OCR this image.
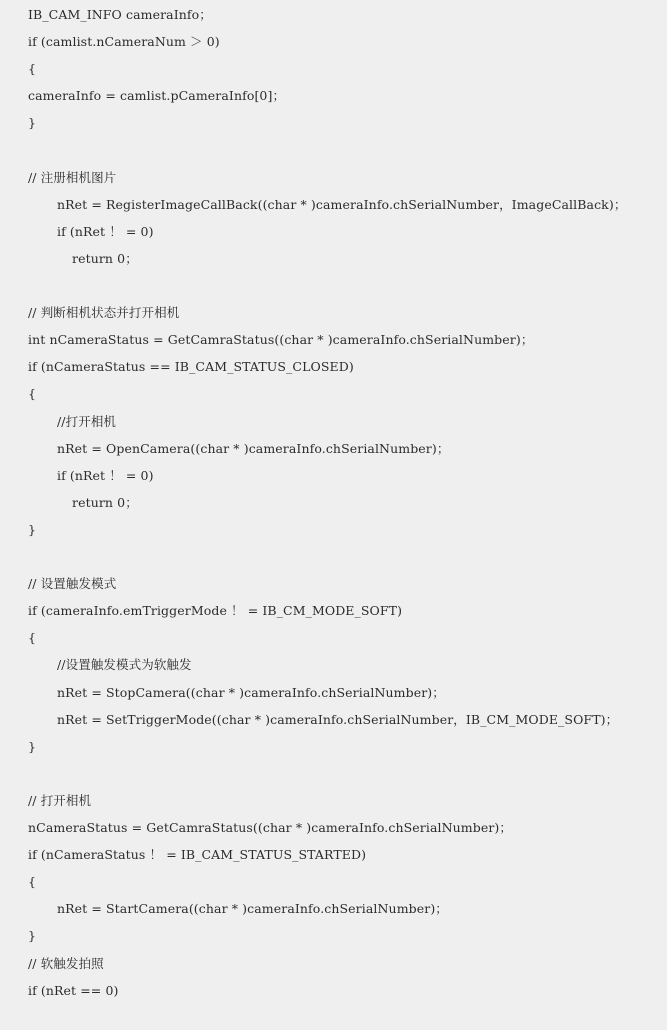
IB_CAM_INFO cameraInfo；
if (camlist.nCameraNum ＞ 0)
{
cameraInfo = camlist.pCameraInfo[0]；
}
// 注册相机图片
nRet = RegisterImageCallBack((char * )cameraInfo.chSerialNumber，ImageCallBack)；
if (nRet ！ = 0)
return 0；
// 判断相机状态并打开相机
int nCameraStatus = GetCamraStatus((char * )cameraInfo.chSerialNumber)；
if (nCameraStatus == IB_CAM_STATUS_CLOSED)
{
//打开相机
nRet = OpenCamera((char * )cameraInfo.chSerialNumber)；
if (nRet ！ = 0)
return 0；
}
// 设置触发模式
if (cameraInfo.emTriggerMode ！ = IB_CM_MODE_SOFT)
{
//设置触发模式为软触发
nRet = StopCamera((char * )cameraInfo.chSerialNumber)；
nRet = SetTriggerMode((char * )cameraInfo.chSerialNumber，IB_CM_MODE_SOFT)；
}
// 打开相机
nCameraStatus = GetCamraStatus((char * )cameraInfo.chSerialNumber)；
if (nCameraStatus ！ = IB_CAM_STATUS_STARTED)
{
nRet = StartCamera((char * )cameraInfo.chSerialNumber)；
}
// 软触发拍照
if (nRet == 0)
